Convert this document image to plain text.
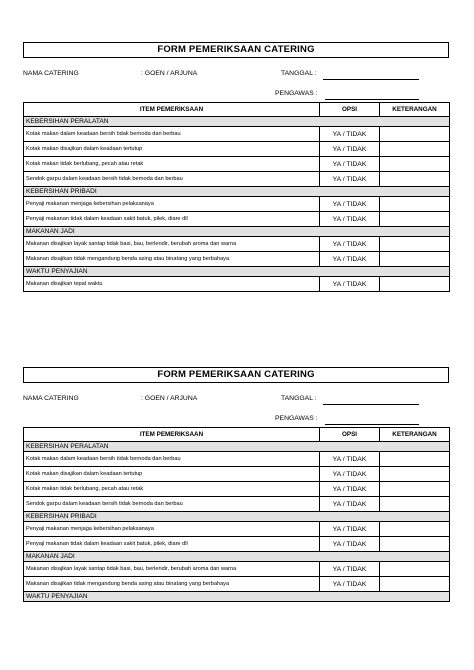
FORM PEMERIKSAAN CATERING
NAMA CATERING	: GOEN / ARJUNA	TANGGAL :
PENGAWAS :
ITEM PEMERIKSAAN	OPSI	KETERANGAN
KEBERSIHAN PERALATAN		
Kotak makan dalam keadaan bersih tidak bernoda dan berbau	YA / TIDAK	
Kotak makan disajikan dalam keadaan tertutup	YA / TIDAK	
Kotak makan tidak berlubang, pecah atau retak	YA / TIDAK	
Sendok garpu dalam keadaan bersih tidak bernoda dan berbau	YA / TIDAK	
KEBERSIHAN PRIBADI		
Penyaji makanan menjaga kebersihan pelaksanaya	YA / TIDAK	
Penyaji makanan tidak dalam keadaan sakit batuk, pilek, diare dll	YA / TIDAK	
MAKANAN JADI		
Makanan disajikan layak santap tidak basi, bau, berlendir, berubah aroma dan warna	YA / TIDAK	
Makanan disajikan tidak mengandung benda asing atau binatang yang berbahaya	YA / TIDAK	
WAKTU PENYAJIAN		
Makanan disajikan tepat waktu	YA / TIDAK	
FORM PEMERIKSAAN CATERING
NAMA CATERING	: GOEN / ARJUNA	TANGGAL :
PENGAWAS :
ITEM PEMERIKSAAN	OPSI	KETERANGAN
KEBERSIHAN PERALATAN		
Kotak makan dalam keadaan bersih tidak bernoda dan berbau	YA / TIDAK	
Kotak makan disajikan dalam keadaan tertutup	YA / TIDAK	
Kotak makan tidak berlubang, pecah atau retak	YA / TIDAK	
Sendok garpu dalam keadaan bersih tidak bernoda dan berbau	YA / TIDAK	
KEBERSIHAN PRIBADI		
Penyaji makanan menjaga kebersihan pelaksanaya	YA / TIDAK	
Penyaji makanan tidak dalam keadaan sakit batuk, pilek, diare dll	YA / TIDAK	
MAKANAN JADI		
Makanan disajikan layak santap tidak basi, bau, berlendir, berubah aroma dan warna	YA / TIDAK	
Makanan disajikan tidak mengandung benda asing atau binatang yang berbahaya	YA / TIDAK	
WAKTU PENYAJIAN		
